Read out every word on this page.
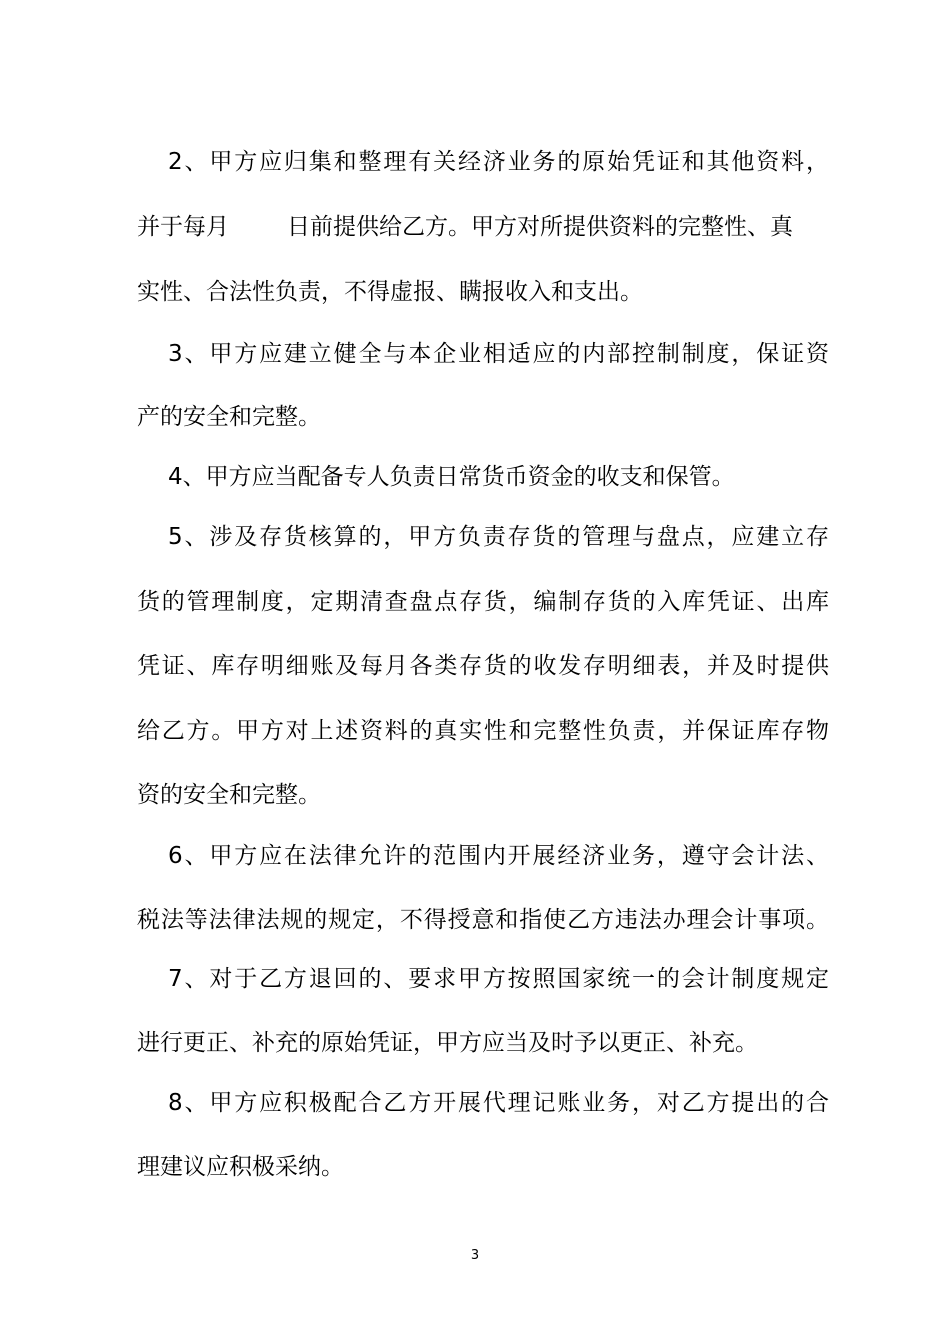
2、甲方应归集和整理有关经济业务的原始凭证和其他资料，
并于每月	日前提供给乙方。甲方对所提供资料的完整性、真
实性、合法性负责，不得虚报、瞒报收入和支出。
3、甲方应建立健全与本企业相适应的内部控制制度，保证资
产的安全和完整。
4、甲方应当配备专人负责日常货币资金的收支和保管。
5、涉及存货核算的，甲方负责存货的管理与盘点，应建立存
货的管理制度，定期清查盘点存货，编制存货的入库凭证、出库
凭证、库存明细账及每月各类存货的收发存明细表，并及时提供
给乙方。甲方对上述资料的真实性和完整性负责，并保证库存物
资的安全和完整。
6、甲方应在法律允许的范围内开展经济业务，遵守会计法、
税法等法律法规的规定，不得授意和指使乙方违法办理会计事项。
7、对于乙方退回的、要求甲方按照国家统一的会计制度规定
进行更正、补充的原始凭证，甲方应当及时予以更正、补充。
8、甲方应积极配合乙方开展代理记账业务，对乙方提出的合
理建议应积极采纳。
3
